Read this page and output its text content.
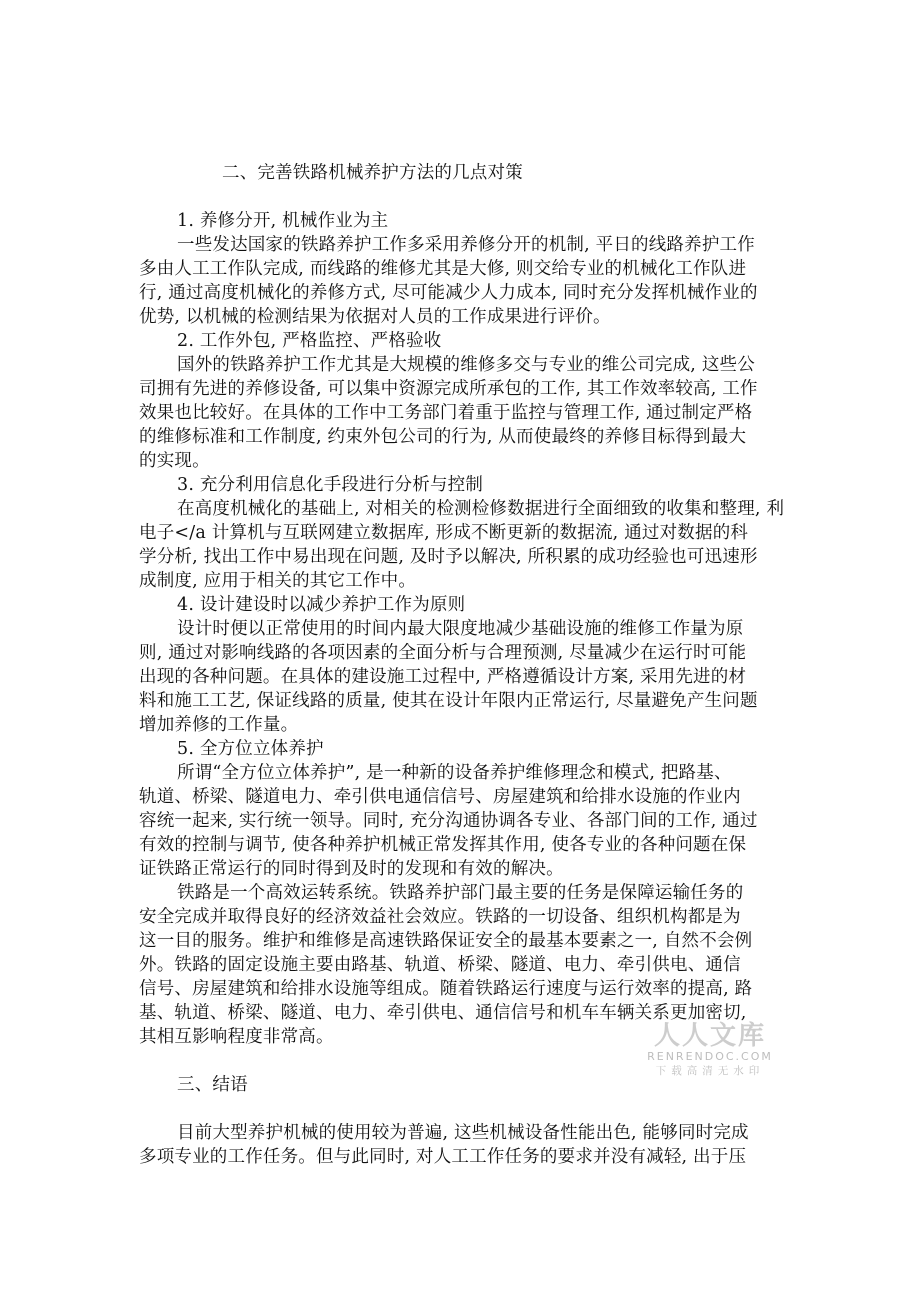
二、完善铁路机械养护方法的几点对策
1. 养修分开, 机械作业为主
一些发达国家的铁路养护工作多采用养修分开的机制, 平日的线路养护工作
多由人工工作队完成, 而线路的维修尤其是大修, 则交给专业的机械化工作队进
行, 通过高度机械化的养修方式, 尽可能减少人力成本, 同时充分发挥机械作业的
优势, 以机械的检测结果为依据对人员的工作成果进行评价。
2. 工作外包, 严格监控、严格验收
国外的铁路养护工作尤其是大规模的维修多交与专业的维公司完成, 这些公
司拥有先进的养修设备, 可以集中资源完成所承包的工作, 其工作效率较高, 工作
效果也比较好。在具体的工作中工务部门着重于监控与管理工作, 通过制定严格
的维修标准和工作制度, 约束外包公司的行为, 从而使最终的养修目标得到最大
的实现。
3. 充分利用信息化手段进行分析与控制
在高度机械化的基础上, 对相关的检测检修数据进行全面细致的收集和整理, 利
电子</a 计算机与互联网建立数据库, 形成不断更新的数据流, 通过对数据的科
学分析, 找出工作中易出现在问题, 及时予以解决, 所积累的成功经验也可迅速形
成制度, 应用于相关的其它工作中。
4. 设计建设时以减少养护工作为原则
设计时便以正常使用的时间内最大限度地减少基础设施的维修工作量为原
则, 通过对影响线路的各项因素的全面分析与合理预测, 尽量减少在运行时可能
出现的各种问题。在具体的建设施工过程中, 严格遵循设计方案, 采用先进的材
料和施工工艺, 保证线路的质量, 使其在设计年限内正常运行, 尽量避免产生问题
增加养修的工作量。
5. 全方位立体养护
所谓“全方位立体养护”, 是一种新的设备养护维修理念和模式, 把路基、
轨道、桥梁、隧道电力、牵引供电通信信号、房屋建筑和给排水设施的作业内
容统一起来, 实行统一领导。同时, 充分沟通协调各专业、各部门间的工作, 通过
有效的控制与调节, 使各种养护机械正常发挥其作用, 使各专业的各种问题在保
证铁路正常运行的同时得到及时的发现和有效的解决。
铁路是一个高效运转系统。铁路养护部门最主要的任务是保障运输任务的
安全完成并取得良好的经济效益社会效应。铁路的一切设备、组织机构都是为
这一目的服务。维护和维修是高速铁路保证安全的最基本要素之一, 自然不会例
外。铁路的固定设施主要由路基、轨道、桥梁、隧道、电力、牵引供电、通信
信号、房屋建筑和给排水设施等组成。随着铁路运行速度与运行效率的提高, 路
基、轨道、桥梁、隧道、电力、牵引供电、通信信号和机车车辆关系更加密切,
其相互影响程度非常高。
三、结语
目前大型养护机械的使用较为普遍, 这些机械设备性能出色, 能够同时完成
多项专业的工作任务。但与此同时, 对人工工作任务的要求并没有减轻, 出于压
人人文库
RENRENDOC.COM
下载高清无水印
